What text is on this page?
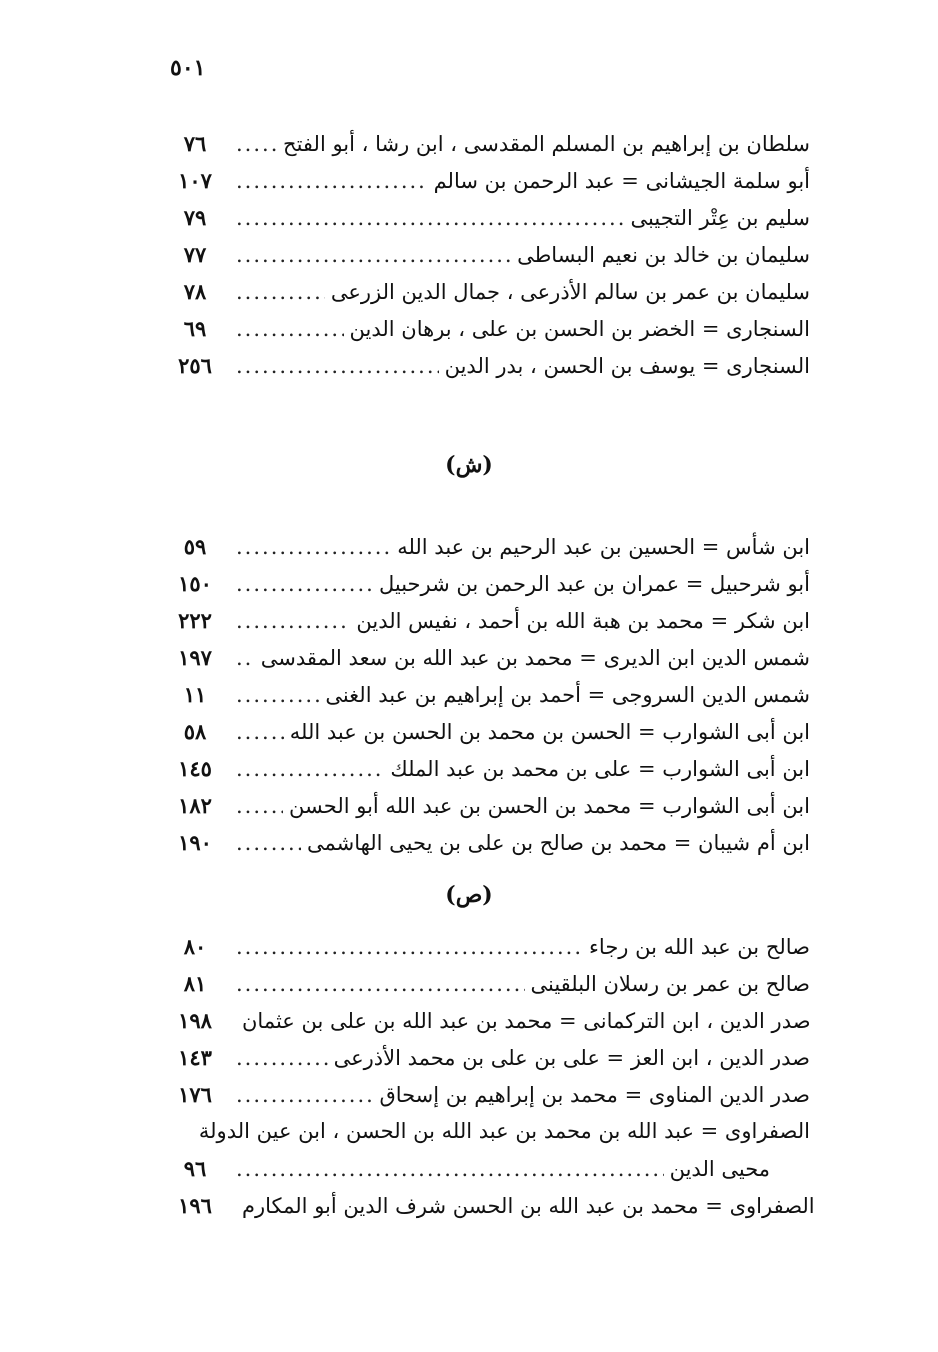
٥٠١
٧٦ .....	سلطان بن إبراهيم بن المسلم المقدسى ، ابن رشا ، أبو الفتح
١٠٧ .....	أبو سلمة الجيشانى = عبد الرحمن بن سالم
٧٩ .....	سليم بن عِتْر التجيبى
٧٧ .....	سليمان بن خالد بن نعيم البساطى
٧٨ .....	سليمان بن عمر بن سالم الأذرعى ، جمال الدين الزرعى
٦٩ .....	السنجارى = الخضر بن الحسن بن على ، برهان الدين
٢٥٦ .....	السنجارى = يوسف بن الحسن ، بدر الدين
(ش)
٥٩ .....	ابن شأس = الحسين بن عبد الرحيم بن عبد الله
١٥٠ .....	أبو شرحبيل = عمران بن عبد الرحمن بن شرحبيل
٢٢٢ .....	ابن شكر = محمد بن هبة الله بن أحمد ، نفيس الدين
١٩٧ .....	شمس الدين ابن الديرى = محمد بن عبد الله بن سعد المقدسى
١١ .....	شمس الدين السروجى = أحمد بن إبراهيم بن عبد الغنى
٥٨ .....	ابن أبى الشوارب = الحسن بن محمد بن الحسن بن عبد الله
١٤٥ .....	ابن أبى الشوارب = على بن محمد بن عبد الملك
١٨٢ .....	ابن أبى الشوارب = محمد بن الحسن بن عبد الله أبو الحسن
١٩٠ .....	ابن أم شيبان = محمد بن صالح بن على بن يحيى الهاشمى
(ص)
٨٠ .....	صالح بن عبد الله بن رجاء
٨١ .....	صالح بن عمر بن رسلان البلقينى
١٩٨	صدر الدين ، ابن التركمانى = محمد بن عبد الله بن على بن عثمان
١٤٣ .....	صدر الدين ، ابن العز = على بن على بن محمد الأذرعى
١٧٦ .....	صدر الدين المناوى = محمد بن إبراهيم بن إسحاق
الصفراوى = عبد الله بن محمد بن عبد الله بن الحسن ، ابن عين الدولة
٩٦ .....	محيى الدين
١٩٦	الصفراوى = محمد بن عبد الله بن الحسن شرف الدين أبو المكارم
